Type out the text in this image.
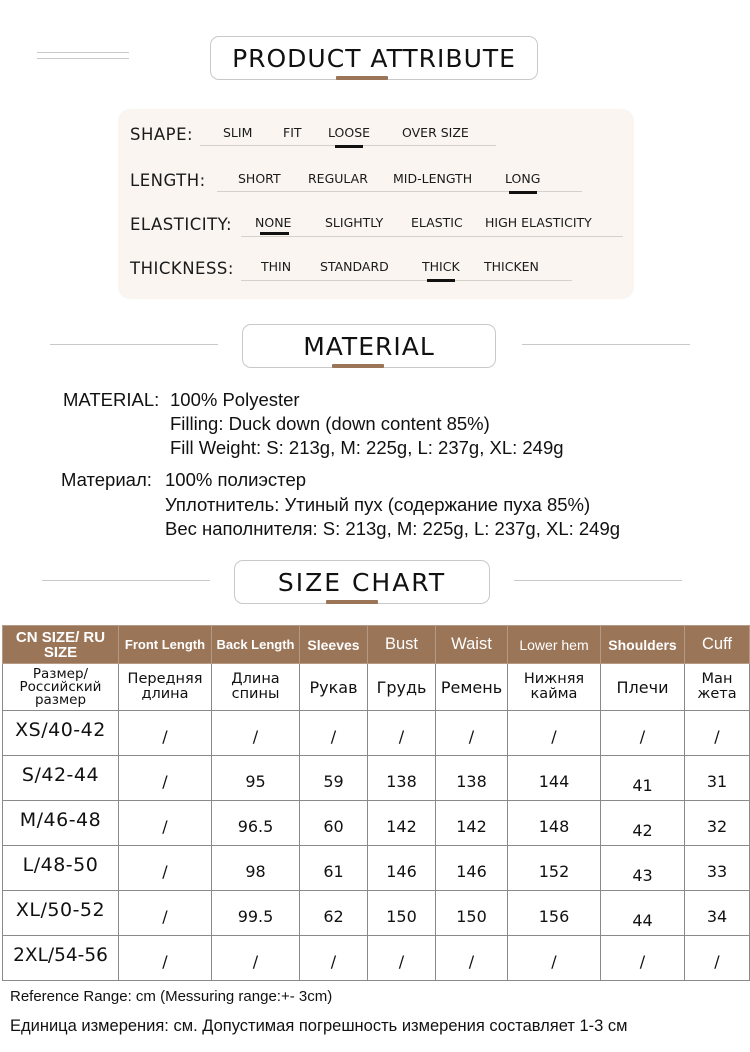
PRODUCT ATTRIBUTE
SHAPE: SLIM FIT LOOSE	OVER SIZE
LENGTH:	SHORT REGULAR MID-LENGTH	LONG
ELASTICITY: NONE	SLIGHTLY ELASTIC HIGH ELASTICITY
THICKNESS: THIN STANDARD	THICK THICKEN
MATERIAL
MATERIAL: 100% Polyester
Filling: Duck down (down content 85%)
Fill Weight: S: 213g, M: 225g, L: 237g, XL: 249g
Материал: 100% полиэстер
Уплотнитель: Утиный пух (содержание пуха 85%)
Вес наполнителя: S: 213g, M: 225g, L: 237g, XL: 249g
SIZE CHART
CN SIZE/ RU SIZE	Front Length	Back Length	Sleeves	Bust	Waist	Lower hem	Shoulders	Cuff
Размер/ Российский размер	Передняя длина	Длина спины	Рукав	Грудь	Ремень	Нижняя кайма	Плечи	Ман жета
XS/40-42	/	/	/	/	/	/	/	/
S/42-44	/	95	59	138	138	144	41	31
M/46-48	/	96.5	60	142	142	148	42	32
L/48-50	/	98	61	146	146	152	43	33
XL/50-52	/	99.5	62	150	150	156	44	34
2XL/54-56	/	/	/	/	/	/	/	/
Reference Range: cm (Messuring range:+- 3cm)
Единица измерения: см. Допустимая погрешность измерения составляет 1-3 см
